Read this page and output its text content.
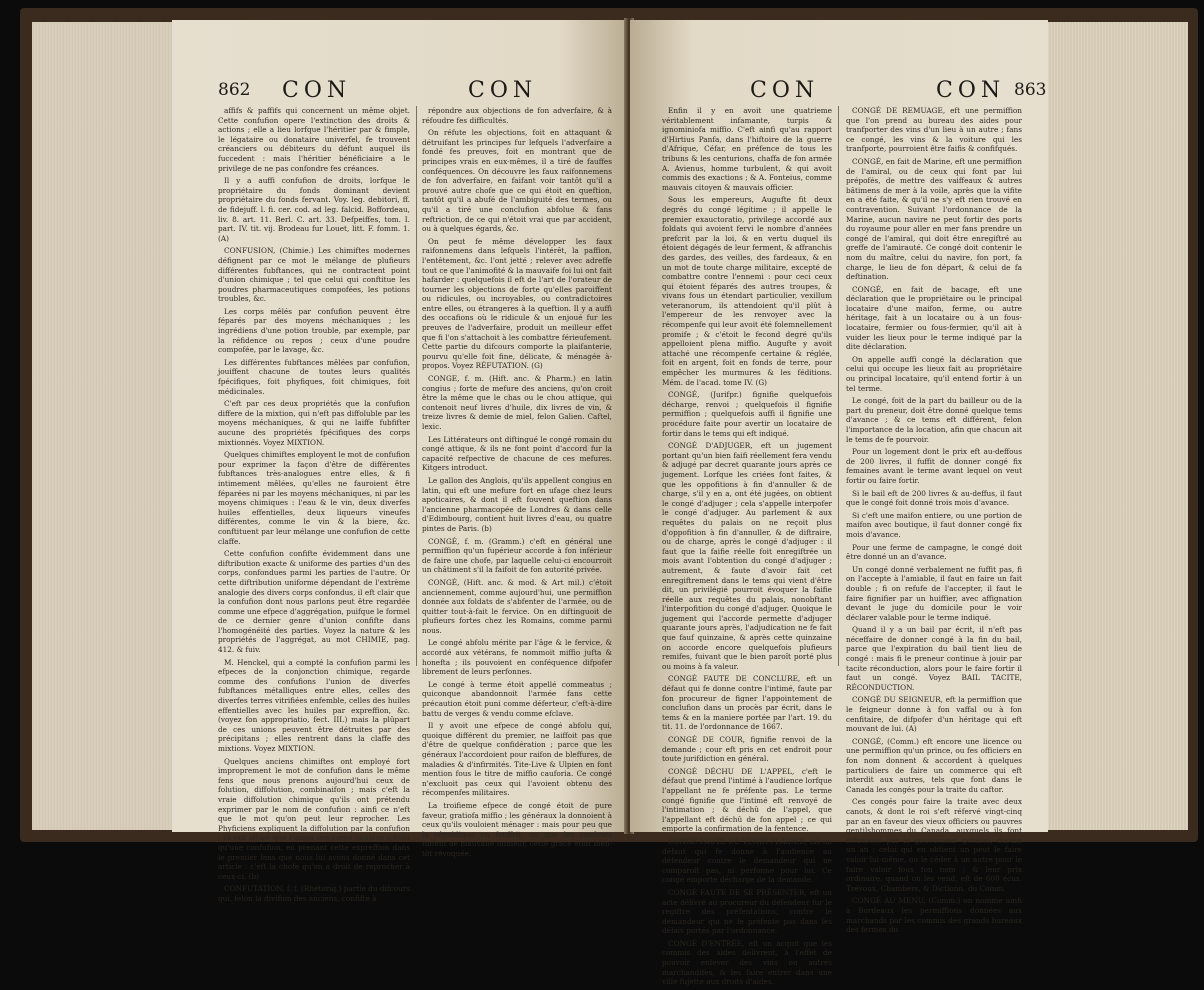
862 CON	CON

affifs & paffifs qui concernent un même objet. Cette confufion opere l'extinction des droits & actions ; elle a lieu lorfque l'héritier par & fimple, le légataire ou donataire univerfel, fe trouvent créanciers ou débiteurs du défunt auquel ils fuccedent : mais l'héritier bénéficiaire a le privilege de ne pas confondre fes créances.

Il y a auffi confufion de droits, lorfque le propriétaire du fonds dominant devient propriétaire du fonds fervant. Voy. leg. debitori, ff. de fidejuff. l. fi. cer. cod. ad leg. falcid. Boffordeau, liv. 8. art. 11. Berl. C. art. 33. Defpeiffes, tom. I. part. IV. tit. vij. Brodeau fur Louet, litt. F. fomm. 1. (A)

CONFUSION, (Chimie.) Les chimiftes modernes défignent par ce mot le mélange de plufieurs différentes fubftances, qui ne contractent point d'union chimique ; tel que celui qui conftitue les poudres pharmaceutiques compofées, les potions troubles, &c.

Les corps mêlés par confufion peuvent être féparés par des moyens méchaniques ; les ingrédiens d'une potion trouble, par exemple, par la réfidence ou repos ; ceux d'une poudre compofée, par le lavage, &c.

Les différentes fubftances mêlées par confufion, jouiffent chacune de toutes leurs qualités fpécifiques, foit phyfiques, foit chimiques, foit médicinales.

C'eft par ces deux propriétés que la confufion differe de la mixtion, qui n'eft pas diffoluble par les moyens méchaniques, & qui ne laiffe fubfifter aucune des propriétés fpécifiques des corps mixtionnés. Voyez MIXTION.

Quelques chimiftes employent le mot de confufion pour exprimer la façon d'être de différentes fubftances très-analogues entre elles, & fi intimement mêlées, qu'elles ne fauroient être féparées ni par les moyens méchaniques, ni par les moyens chimiques : l'eau & le vin, deux diverfes huiles effentielles, deux liqueurs vineufes différentes, comme le vin & la biere, &c. conftituent par leur mélange une confufion de cette claffe.

Cette confufion confifte évidemment dans une diftribution exacte & uniforme des parties d'un des corps, confondues parmi les parties de l'autre. Or cette diftribution uniforme dépendant de l'extrème analogie des divers corps confondus, il eft clair que la confufion dont nous parlons peut être regardée comme une efpece d'aggrégation, puifque le formel de ce dernier genre d'union confifte dans l'homogénéité des parties. Voyez la nature & les propriétés de l'aggrégat, au mot CHIMIE, pag. 412. & fuiv.

M. Henckel, qui a compté la confufion parmi les efpeces de la conjonction chimique, regarde comme des confufions l'union de diverfes fubftances métalliques entre elles, celles des diverfes terres vitrifiées enfemble, celles des huiles effentielles avec les huiles par expreffion, &c. (voyez fon appropriatio, fect. III.) mais la plûpart de ces unions peuvent être détruites par des précipitans ; elles rentrent dans la claffe des mixtions. Voyez MIXTION.

Quelques anciens chimiftes ont employé fort improprement le mot de confufion dans le même fens que nous prenons aujourd'hui ceux de folution, diffolution, combinaifon ; mais c'eft la vraie diffolution chimique qu'ils ont prétendu exprimer par le nom de confufion : ainfi ce n'eft que le mot qu'on peut leur reprocher. Les Phyficiens expliquent la diffolution par la confufion ; ils ont affuré que l'union des corps folubles n'étoit qu'une confufion, en prenant cette expreffion dans le premier fens que nous lui avons donné dans cet article : c'eft la chofe qu'on a droit de reprocher à ceux-ci. (b)

CONFUTATION, f. f. (Rhétoriq.) partie du difcours qui, felon la divifion des anciens, confifte à

répondre aux objections de fon adverfaire, & à réfoudre fes difficultés.

On réfute les objections, foit en attaquant & détruifant les principes fur lefquels l'adverfaire a fondé fes preuves, foit en montrant que de principes vrais en eux-mêmes, il a tiré de fauffes conféquences. On découvre les faux raifonnemens de fon adverfaire, en faifant voir tantôt qu'il a prouvé autre chofe que ce qui étoit en queftion, tantôt qu'il a abufé de l'ambiguité des termes, ou qu'il a tiré une conclufion abfolue & fans reftriction, de ce qui n'étoit vrai que par accident, ou à quelques égards, &c.

On peut fe même développer les faux raifonnemens dans lefquels l'intérêt, la paffion, l'entêtement, &c. l'ont jetté ; relever avec adreffe tout ce que l'animofité & la mauvaife foi lui ont fait hafarder : quelquefois il eft de l'art de l'orateur de tourner les objections de forte qu'elles paroiffent ou ridicules, ou incroyables, ou contradictoires entre elles, ou étrangeres à la queftion. Il y a auffi des occafions où le ridicule & un enjoué fur les preuves de l'adverfaire, produit un meilleur effet que fi l'on s'attachoit à les combattre férieufement. Cette partie du difcours comporte la plaifanterie, pourvu qu'elle foit fine, délicate, & ménagée à-propos. Voyez RÉFUTATION. (G)

CONGE, f. m. (Hift. anc. & Pharm.) en latin congius ; forte de mefure des anciens, qu'on croit être la même que le chas ou le chou attique, qui contenoit neuf livres d'huile, dix livres de vin, & treize livres & demie de miel, felon Galien. Caftel, lexic.

Les Littérateurs ont diftingué le congé romain du congé attique, & ils ne font point d'accord fur la capacité refpective de chacune de ces mefures. Kitgers introduct.

Le gallon des Anglois, qu'ils appellent congius en latin, qui eft une mefure fort en ufage chez leurs apoticaires, & dont il eft fouvent queftion dans l'ancienne pharmacopée de Londres & dans celle d'Edimbourg, contient huit livres d'eau, ou quatre pintes de Paris. (b)

CONGÉ, f. m. (Gramm.) c'eft en général une permiffion qu'un fupérieur accorde à fon inférieur de faire une chofe, par laquelle celui-ci encourroit un châtiment s'il la faifoit de fon autorité privée.

CONGÉ, (Hift. anc. & mod. & Art mil.) c'étoit anciennement, comme aujourd'hui, une permiffion donnée aux foldats de s'abfenter de l'armée, ou de quitter tout-à-fait le fervice. On en diftinguoit de plufieurs fortes chez les Romains, comme parmi nous.

Le congé abfolu mérite par l'âge & le fervice, & accordé aux vétérans, fe nommoit miffio jufta & honefta ; ils pouvoient en conféquence difpofer librement de leurs perfonnes.

Le congé à terme étoit appellé commeatus ; quiconque abandonnoit l'armée fans cette précaution étoit puni comme déferteur, c'eft-à-dire battu de verges & vendu comme efclave.

Il y avoit une efpece de congé abfolu qui, quoique différent du premier, ne laiffoit pas que d'être de quelque confidération ; parce que les généraux l'accordoient pour raifon de bleffures, de maladies & d'infirmités. Tite-Live & Ulpien en font mention fous le titre de miffio cauforia. Ce congé n'excluoit pas ceux qui l'avoient obtenu des récompenfes militaires.

La troifieme efpece de congé étoit de pure faveur, gratiofa miffio ; les généraux la donnoient à ceux qu'ils vouloient ménager : mais pour peu que la république en fouffrit, on que les cenfeurs fuffent de mauvaife humeur, cette grace étoit bien-tôt révoquée.

CON	CON 863

Enfin il y en avoit une quatrieme véritablement infamante, turpis & ignominiofa miffio. C'eft ainfi qu'au rapport d'Hirtius Panfa, dans l'hiftoire de la guerre d'Afrique, Céfar, en préfence de tous les tribuns & les centurions, chaffa de fon armée A. Avienus, homme turbulent, & qui avoit commis des exactions ; & A. Fonteius, comme mauvais citoyen & mauvais officier.

Sous les empereurs, Augufte fit deux degrés du congé légitime ; il appelle le premier exauctoratio, privilege accordé aux foldats qui avoient fervi le nombre d'années prefcrit par la loi, & en vertu duquel ils étoient dégagés de leur ferment, & affranchis des gardes, des veilles, des fardeaux, & en un mot de toute charge militaire, excepté de combattre contre l'ennemi : pour ceci ceux qui étoient féparés des autres troupes, & vivans fous un étendart particulier, vexillum veteranorum, ils attendoient qu'il plût à l'empereur de les renvoyer avec la récompenfe qui leur avoit été folemnellement promife ; & c'étoit le fecond degré qu'ils appelloient plena miffio. Augufte y avoit attaché une récompenfe certaine & réglée, foit en argent, foit en fonds de terre, pour empêcher les murmures & les féditions. Mém. de l'acad. tome IV. (G)

CONGÉ, (Jurifpr.) fignifie quelquefois décharge, renvoi ; quelquefois il fignifie permiffion ; quelquefois auffi il fignifie une procédure faite pour avertir un locataire de fortir dans le tems qui eft indiqué.

CONGÉ D'ADJUGER, eft un jugement portant qu'un bien faifi réellement fera vendu & adjugé par decret quarante jours après ce jugement. Lorfque les criées font faites, & que les oppofitions à fin d'annuller & de charge, s'il y en a, ont été jugées, on obtient le congé d'adjuger ; cela s'appelle interpofer le congé d'adjuger. Au parlement & aux requêtes du palais on ne reçoit plus d'oppofition à fin d'annuller, & de diftraire, ou de charge, après le congé d'adjuger : il faut que la faifie réelle foit enregiftrée un mois avant l'obtention du congé d'adjuger ; autrement, & faute d'avoir fait cet enregiftrement dans le tems qui vient d'être dit, un privilégié pourroit évoquer la faifie réelle aux requêtes du palais, nonobftant l'interpofition du congé d'adjuger. Quoique le jugement qui l'accorde permette d'adjuger quarante jours après, l'adjudication ne fe fait que fauf quinzaine, & après cette quinzaine on accorde encore quelquefois plufieurs remifes, fuivant que le bien paroît porté plus ou moins à fa valeur.

CONGÉ FAUTE DE CONCLURE, eft un défaut qui fe donne contre l'intimé, faute par fon procureur de figner l'appointement de conclufion dans un procès par écrit, dans le tems & en la maniere portée par l'art. 19. du tit. 11. de l'ordonnance de 1667.

CONGÉ DE COUR, fignifie renvoi de la demande ; cour eft pris en cet endroit pour toute jurifdiction en général.

CONGÉ DÉCHU DE L'APPEL, c'eft le défaut que prend l'intimé à l'audience lorfque l'appellant ne fe préfente pas. Le terme congé fignifie que l'intimé eft renvoyé de l'intimation ; & déchû de l'appel, que l'appellant eft déchû de fon appel ; ce qui emporte la confirmation de la fentence.

CONGÉ FAUTE DE VENIR PLAIDER, eft un défaut qui fe donne à l'audience au défendeur contre le demandeur qui ne comparoît pas, ni perfonne pour lui. Ce congé emporte décharge de la demande.

CONGÉ FAUTE DE SE PRÉSENTER, eft un acte délivré au procureur du défendeur fur le regiftre des préfentations, contre le demandeur qui ne fe préfente pas dans les délais portés par l'ordonnance.

CONGÉ D'ENTRÉE, eft un acquit que les commis des aides délivrent, à l'effet de pouvoir enlever des vins ou autres marchandifes, & les faire entrer dans une ville fujette aux droits d'aides.

CONGÉ DE REMUAGE, eft une permiffion que l'on prend au bureau des aides pour tranfporter des vins d'un lieu à un autre ; fans ce congé, les vins & la voiture qui les tranfporte, pourroient être faifis & confifqués.

CONGÉ, en fait de Marine, eft une permiffion de l'amiral, ou de ceux qui font par lui prépofés, de mettre des vaiffeaux & autres bâtimens de mer à la voile, après que la vifite en a été faite, & qu'il ne s'y eft rien trouvé en contravention. Suivant l'ordonnance de la Marine, aucun navire ne peut fortir des ports du royaume pour aller en mer fans prendre un congé de l'amiral, qui doit être enregiftré au greffe de l'amirauté. Ce congé doit contenir le nom du maître, celui du navire, fon port, fa charge, le lieu de fon départ, & celui de fa deftination.

CONGÉ, en fait de bacage, eft une déclaration que le propriétaire ou le principal locataire d'une maifon, ferme, ou autre héritage, fait à un locataire ou à un fous-locataire, fermier ou fous-fermier, qu'il ait à vuider les lieux pour le terme indiqué par la dite déclaration.

On appelle auffi congé la déclaration que celui qui occupe les lieux fait au propriétaire ou principal locataire, qu'il entend fortir à un tel terme.

Le congé, foit de la part du bailleur ou de la part du preneur, doit être donné quelque tems d'avance ; & ce tems eft différent, felon l'importance de la location, afin que chacun ait le tems de fe pourvoir.

Pour un logement dont le prix eft au-deffous de 200 livres, il fuffit de donner congé fix femaines avant le terme avant lequel on veut fortir ou faire fortir.

Si le bail eft de 200 livres & au-deffus, il faut que le congé foit donné trois mois d'avance.

Si c'eft une maifon entiere, ou une portion de maifon avec boutique, il faut donner congé fix mois d'avance.

Pour une ferme de campagne, le congé doit être donné un an d'avance.

Un congé donné verbalement ne fuffit pas, fi on l'accepte à l'amiable, il faut en faire un fait double ; fi on refufe de l'accepter, il faut le faire fignifier par un huiffier, avec affignation devant le juge du domicile pour le voir déclarer valable pour le terme indiqué.

Quand il y a un bail par écrit, il n'eft pas néceffaire de donner congé à la fin du bail, parce que l'expiration du bail tient lieu de congé : mais fi le preneur continue à jouir par tacite réconduction, alors pour le faire fortir il faut un congé. Voyez BAIL TACITE, RÉCONDUCTION.

CONGÉ DU SEIGNEUR, eft la permiffion que le feigneur donne à fon vaffal ou à fon cenfitaire, de difpofer d'un héritage qui eft mouvant de lui. (A)

CONGÉ, (Comm.) eft encore une licence ou une permiffion qu'un prince, ou fes officiers en fon nom donnent & accordent à quelques particuliers de faire un commerce qui eft interdit aux autres, tels que font dans le Canada les congés pour la traite du caftor.

Ces congés pour faire la traite avec deux canots, & dont le roi s'eft réfervé vingt-cinq par an en faveur des vieux officiers ou pauvres gentilshommes du Canada, auxquels ils font diftribués par le gouverneur général, durent un an : celui qui en obtient un peut le faire valoir lui-même, ou le céder à un autre pour le faire valoir fous fon nom ; & leur prix ordinaire, quand on les vend, eft de 600 écus. Trévoux, Chambers, & Dictionn. du Comm.

CONGÉ AU MENU, (Comm.) on nomme ainfi à Bordeaux les permiffions données aux marchands par les commis des grands bureaux des fermes du
